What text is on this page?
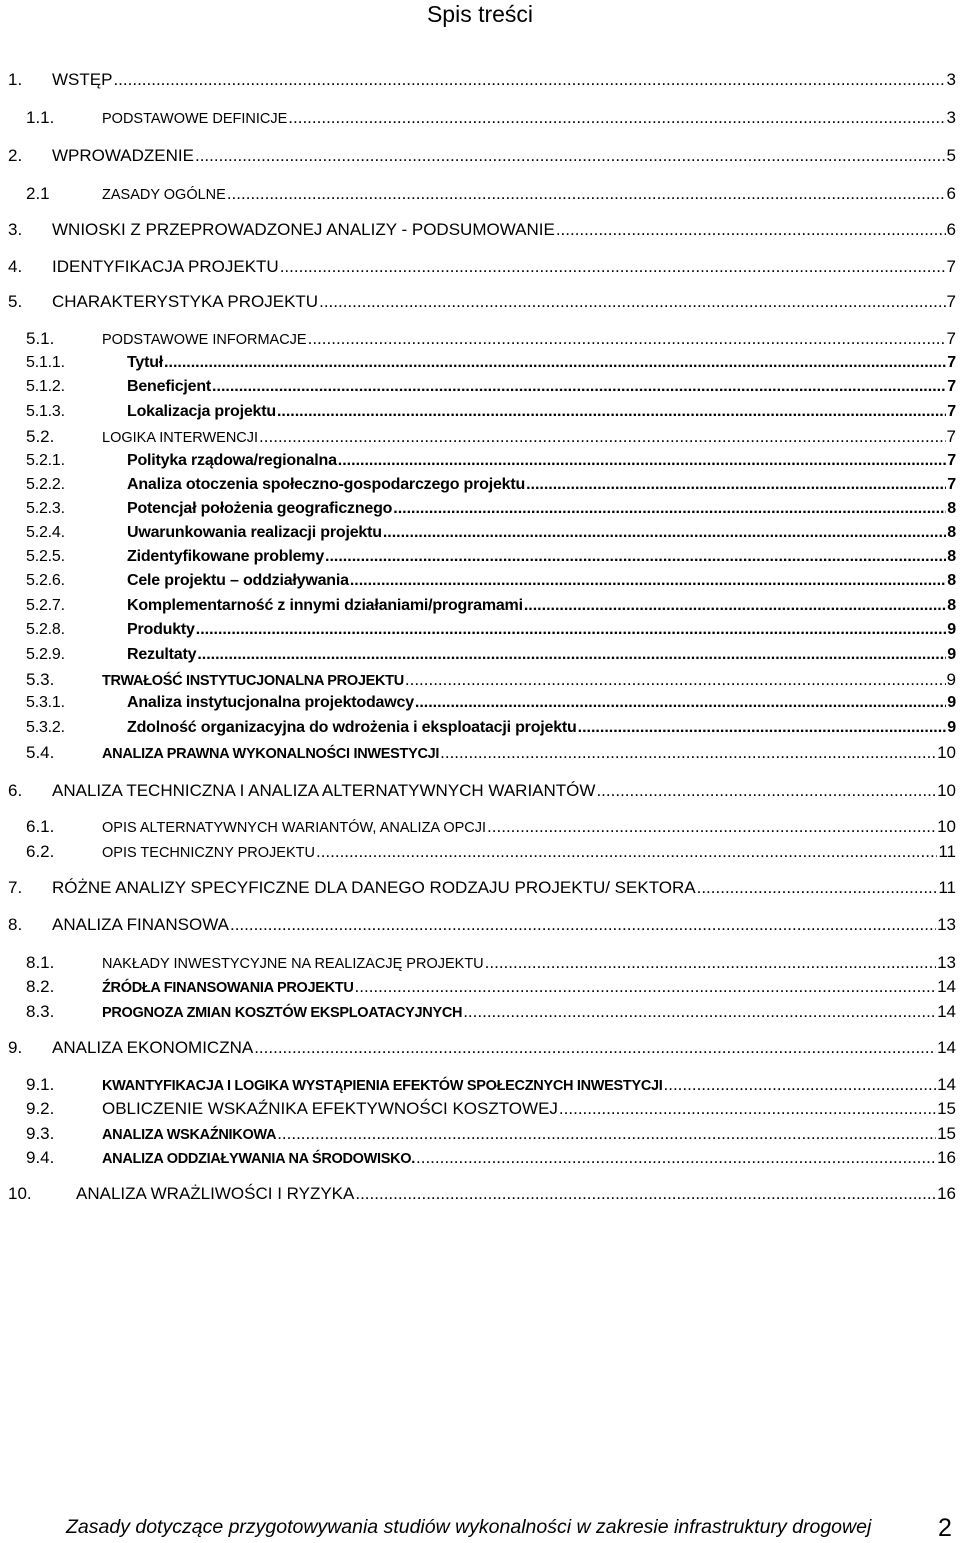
Spis treści
1.	WSTĘP .....	3
1.1.	PODSTAWOWE DEFINICJE .....	3
2.	WPROWADZENIE .....	5
2.1	ZASADY OGÓLNE .....	6
3.	WNIOSKI Z PRZEPROWADZONEJ ANALIZY - PODSUMOWANIE .....	6
4.	IDENTYFIKACJA PROJEKTU .....	7
5.	CHARAKTERYSTYKA PROJEKTU .....	7
5.1.	PODSTAWOWE INFORMACJE .....	7
5.1.1.	Tytuł .....	7
5.1.2.	Beneficjent .....	7
5.1.3.	Lokalizacja projektu .....	7
5.2.	LOGIKA INTERWENCJI .....	7
5.2.1.	Polityka rządowa/regionalna .....	7
5.2.2.	Analiza otoczenia społeczno-gospodarczego projektu .....	7
5.2.3.	Potencjał położenia geograficznego .....	8
5.2.4.	Uwarunkowania realizacji projektu .....	8
5.2.5.	Zidentyfikowane problemy .....	8
5.2.6.	Cele projektu – oddziaływania .....	8
5.2.7.	Komplementarność z innymi działaniami/programami .....	8
5.2.8.	Produkty .....	9
5.2.9.	Rezultaty .....	9
5.3.	TRWAŁOŚĆ INSTYTUCJONALNA PROJEKTU .....	9
5.3.1.	Analiza instytucjonalna projektodawcy .....	9
5.3.2.	Zdolność organizacyjna do wdrożenia i eksploatacji projektu .....	9
5.4.	ANALIZA PRAWNA WYKONALNOŚCI INWESTYCJI .....	10
6.	ANALIZA TECHNICZNA I ANALIZA ALTERNATYWNYCH WARIANTÓW .....	10
6.1.	OPIS ALTERNATYWNYCH WARIANTÓW, ANALIZA OPCJI .....	10
6.2.	OPIS TECHNICZNY PROJEKTU .....	11
7.	RÓŻNE ANALIZY SPECYFICZNE DLA DANEGO RODZAJU PROJEKTU/ SEKTORA .....	11
8.	ANALIZA FINANSOWA .....	13
8.1.	NAKŁADY INWESTYCYJNE NA REALIZACJĘ PROJEKTU .....	13
8.2.	ŹRÓDŁA FINANSOWANIA PROJEKTU .....	14
8.3.	PROGNOZA ZMIAN KOSZTÓW EKSPLOATACYJNYCH .....	14
9.	ANALIZA EKONOMICZNA .....	14
9.1.	KWANTYFIKACJA I LOGIKA WYSTĄPIENIA EFEKTÓW SPOŁECZNYCH INWESTYCJI .....	14
9.2.	OBLICZENIE WSKAŹNIKA EFEKTYWNOŚCI KOSZTOWEJ .....	15
9.3.	ANALIZA WSKAŹNIKOWA .....	15
9.4.	ANALIZA ODDZIAŁYWANIA NA ŚRODOWISKO. .....	16
10.	ANALIZA WRAŻLIWOŚCI I RYZYKA .....	16
Zasady dotyczące przygotowywania studiów wykonalności w zakresie infrastruktury drogowej	2
